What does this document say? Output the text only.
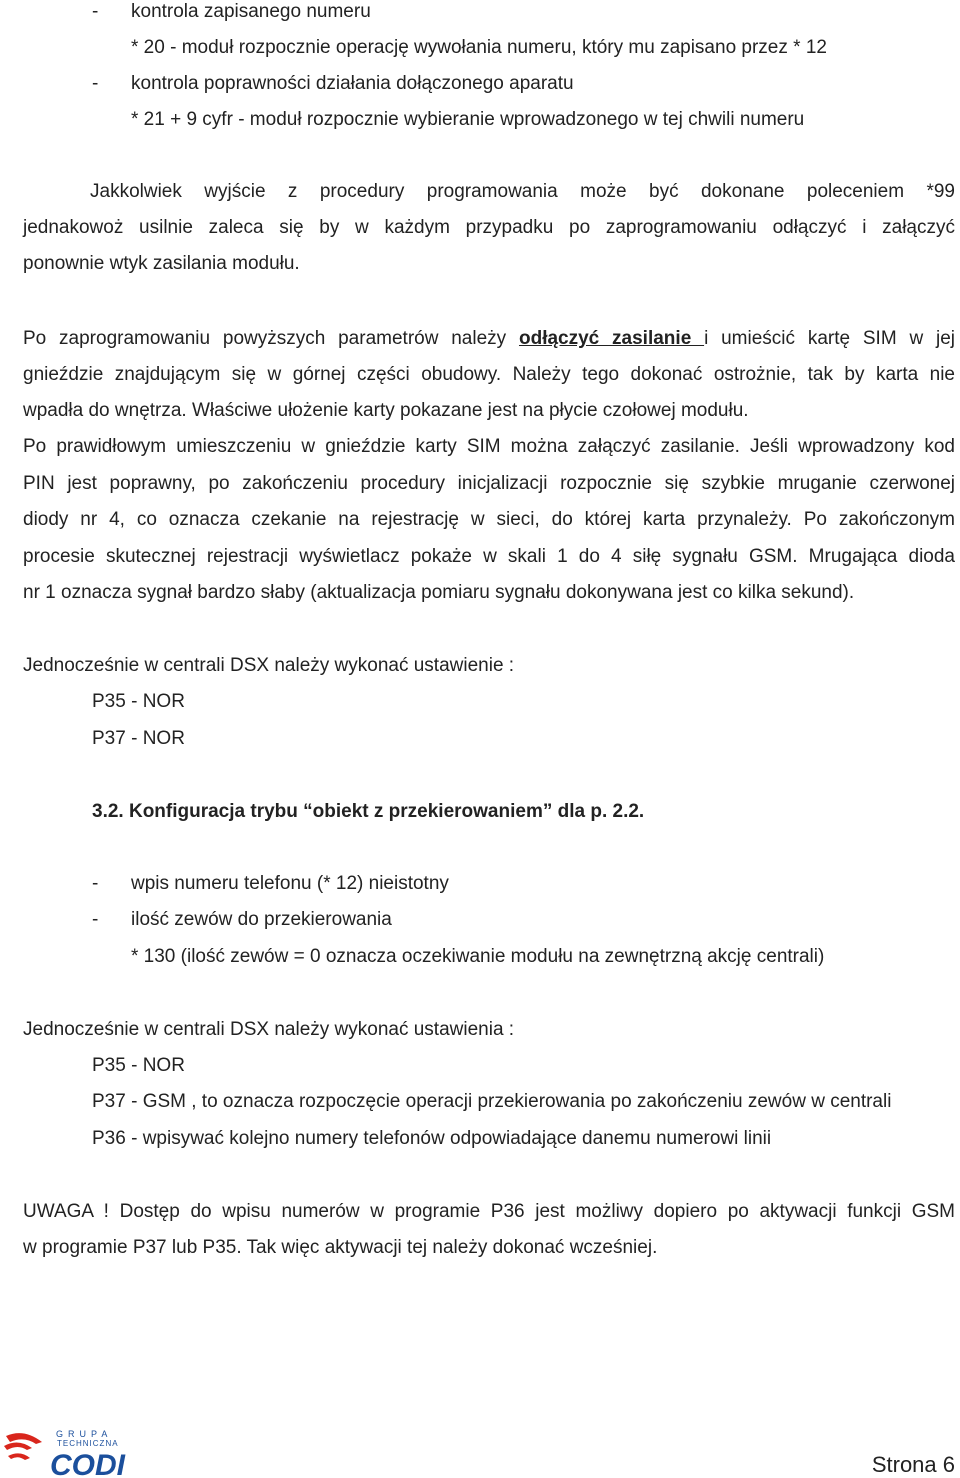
- kontrola zapisanego numeru
* 20 - moduł rozpocznie operację wywołania numeru, który mu zapisano przez * 12
- kontrola poprawności działania dołączonego aparatu
* 21 + 9 cyfr - moduł rozpocznie wybieranie wprowadzonego w tej chwili numeru
Jakkolwiek wyjście z procedury programowania może być dokonane poleceniem *99
jednakowoż usilnie zaleca się by w każdym przypadku po zaprogramowaniu odłączyć i załączyć
ponownie wtyk zasilania modułu.
Po zaprogramowaniu powyższych parametrów należy odłączyć zasilanie i umieścić kartę SIM w jej
gnieździe znajdującym się w górnej części obudowy. Należy tego dokonać ostrożnie, tak by karta nie
wpadła do wnętrza. Właściwe ułożenie karty pokazane jest na płycie czołowej modułu.
Po prawidłowym umieszczeniu w gnieździe karty SIM można załączyć zasilanie. Jeśli wprowadzony kod
PIN jest poprawny, po zakończeniu procedury inicjalizacji rozpocznie się szybkie mruganie czerwonej
diody nr 4, co oznacza czekanie na rejestrację w sieci, do której karta przynależy. Po zakończonym
procesie skutecznej rejestracji wyświetlacz pokaże w skali 1 do 4 siłę sygnału GSM. Mrugająca dioda
nr 1 oznacza sygnał bardzo słaby (aktualizacja pomiaru sygnału dokonywana jest co kilka sekund).
Jednocześnie w centrali DSX należy wykonać ustawienie :
P35 - NOR
P37 - NOR
3.2. Konfiguracja trybu “obiekt z przekierowaniem” dla p. 2.2.
- wpis numeru telefonu (* 12) nieistotny
- ilość zewów do przekierowania
* 130 (ilość zewów = 0 oznacza oczekiwanie modułu na zewnętrzną akcję centrali)
Jednocześnie w centrali DSX należy wykonać ustawienia :
P35 - NOR
P37 - GSM , to oznacza rozpoczęcie operacji przekierowania po zakończeniu zewów w centrali
P36 - wpisywać kolejno numery telefonów odpowiadające danemu numerowi linii
UWAGA ! Dostęp do wpisu numerów w programie P36 jest możliwy dopiero po aktywacji funkcji GSM
w programie P37 lub P35. Tak więc aktywacji tej należy dokonać wcześniej.
GRUPA
TECHNICZNA
CODI	Strona 6
